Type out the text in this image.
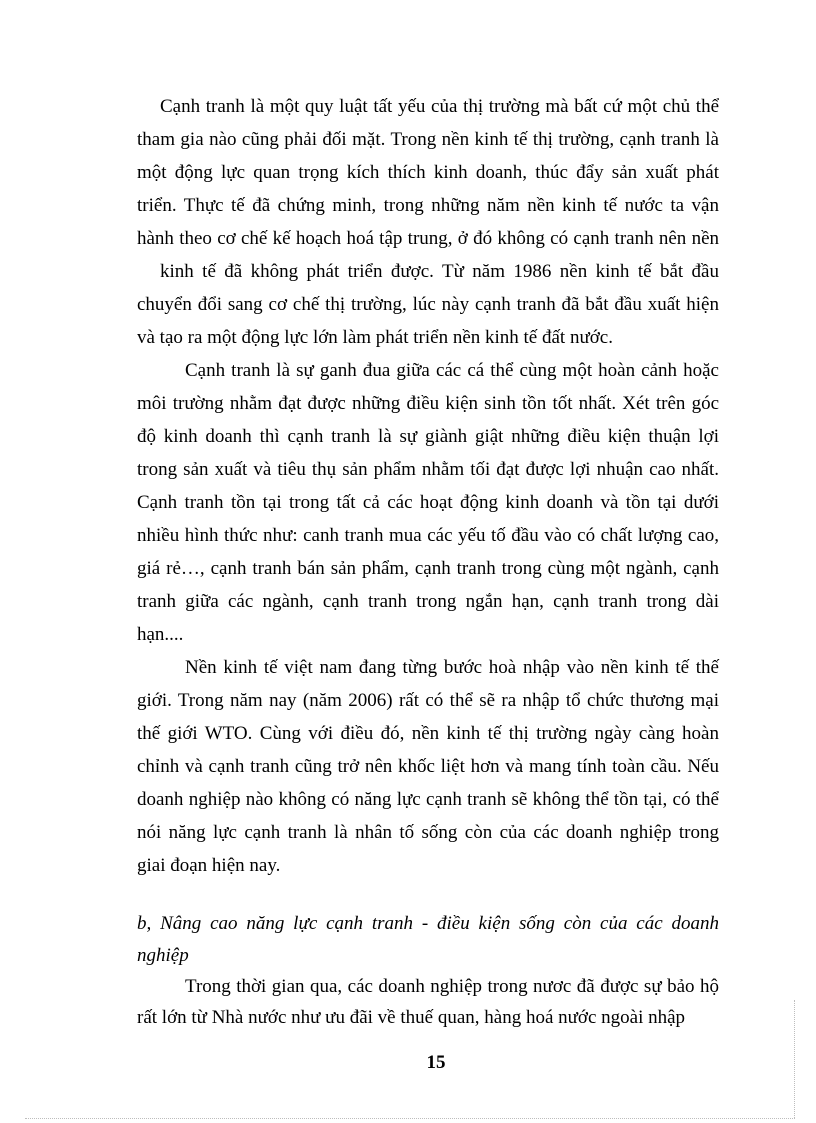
Cạnh tranh là một quy luật tất yếu của thị trường mà bất cứ một chủ thể
tham gia nào cũng phải đối mặt. Trong nền kinh tế thị trường, cạnh tranh là
một động lực quan trọng kích thích kinh doanh, thúc đẩy sản xuất phát
triển. Thực tế đã chứng minh, trong những năm nền kinh tế nước ta vận
hành theo cơ chế kế hoạch hoá tập trung, ở đó không có cạnh tranh nên nền
kinh tế đã không phát triển được. Từ năm 1986 nền kinh tế bắt đầu
chuyển đổi sang cơ chế thị trường, lúc này cạnh tranh đã bắt đầu xuất hiện
và tạo ra một động lực lớn làm phát triển nền kinh tế đất nước.
Cạnh tranh là sự ganh đua giữa các cá thể cùng một hoàn cảnh hoặc
môi trường nhằm đạt được những điều kiện sinh tồn tốt nhất. Xét trên góc
độ kinh doanh thì cạnh tranh là sự giành giật những điều kiện thuận lợi
trong sản xuất và tiêu thụ sản phẩm nhằm tối đạt được lợi nhuận cao nhất.
Cạnh tranh tồn tại trong tất cả các hoạt động kinh doanh và tồn tại dưới
nhiều hình thức như: canh tranh mua các yếu tố đầu vào có chất lượng cao,
giá rẻ…, cạnh tranh bán sản phẩm, cạnh tranh trong cùng một ngành, cạnh
tranh giữa các ngành, cạnh tranh trong ngắn hạn, cạnh tranh trong dài
hạn....
Nền kinh tế việt nam đang từng bước hoà nhập vào nền kinh tế thế
giới. Trong năm nay (năm 2006) rất có thể sẽ ra nhập tổ chức thương mại
thế giới WTO. Cùng với điều đó, nền kinh tế thị trường ngày càng hoàn
chỉnh và cạnh tranh cũng trở nên khốc liệt hơn và mang tính toàn cầu. Nếu
doanh nghiệp nào không có năng lực cạnh tranh sẽ không thể tồn tại, có thể
nói năng lực cạnh tranh là nhân tố sống còn của các doanh nghiệp trong
giai đoạn hiện nay.
b, Nâng cao năng lực cạnh tranh - điều kiện sống còn của các doanh
nghiệp
Trong thời gian qua, các doanh nghiệp trong nươc đã được sự bảo hộ
rất lớn từ Nhà nước như ưu đãi về thuế quan, hàng hoá nước ngoài nhập
15
